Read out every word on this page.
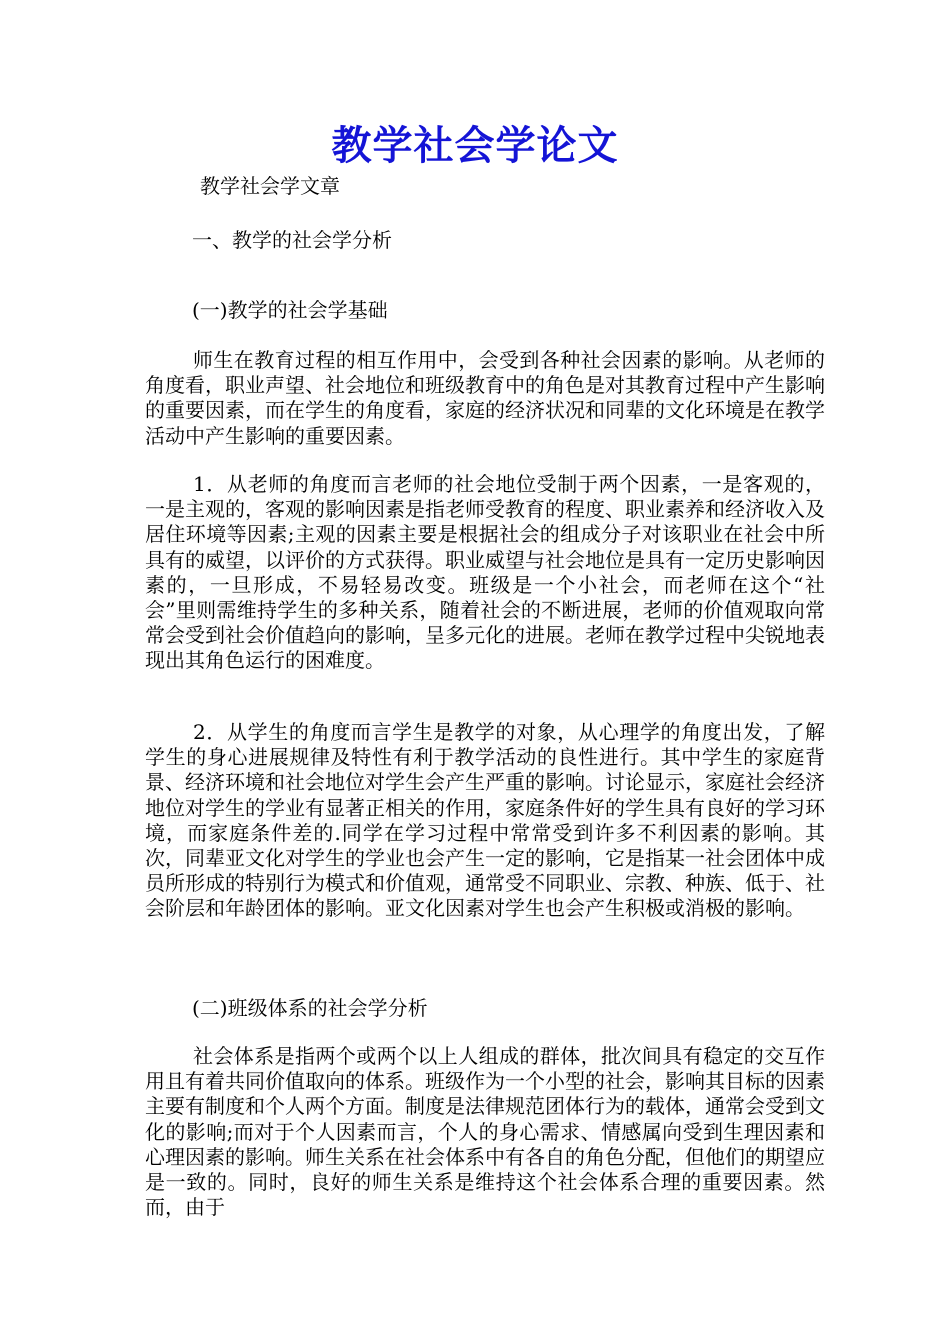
教学社会学论文
教学社会学文章
一、教学的社会学分析
(一)教学的社会学基础
师生在教育过程的相互作用中，会受到各种社会因素的影响。从老师的角度看，职业声望、社会地位和班级教育中的角色是对其教育过程中产生影响的重要因素，而在学生的角度看，家庭的经济状况和同辈的文化环境是在教学活动中产生影响的重要因素。
1．从老师的角度而言老师的社会地位受制于两个因素，一是客观的，一是主观的，客观的影响因素是指老师受教育的程度、职业素养和经济收入及居住环境等因素;主观的因素主要是根据社会的组成分子对该职业在社会中所具有的威望，以评价的方式获得。职业威望与社会地位是具有一定历史影响因素的，一旦形成，不易轻易改变。班级是一个小社会，而老师在这个“社会”里则需维持学生的多种关系，随着社会的不断进展，老师的价值观取向常常会受到社会价值趋向的影响，呈多元化的进展。老师在教学过程中尖锐地表现出其角色运行的困难度。
2．从学生的角度而言学生是教学的对象，从心理学的角度出发，了解学生的身心进展规律及特性有利于教学活动的良性进行。其中学生的家庭背景、经济环境和社会地位对学生会产生严重的影响。讨论显示，家庭社会经济地位对学生的学业有显著正相关的作用，家庭条件好的学生具有良好的学习环境，而家庭条件差的.同学在学习过程中常常受到许多不利因素的影响。其次，同辈亚文化对学生的学业也会产生一定的影响，它是指某一社会团体中成员所形成的特别行为模式和价值观，通常受不同职业、宗教、种族、低于、社会阶层和年龄团体的影响。亚文化因素对学生也会产生积极或消极的影响。
(二)班级体系的社会学分析
社会体系是指两个或两个以上人组成的群体，批次间具有稳定的交互作用且有着共同价值取向的体系。班级作为一个小型的社会，影响其目标的因素主要有制度和个人两个方面。制度是法律规范团体行为的载体，通常会受到文化的影响;而对于个人因素而言，个人的身心需求、情感属向受到生理因素和心理因素的影响。师生关系在社会体系中有各自的角色分配，但他们的期望应是一致的。同时，良好的师生关系是维持这个社会体系合理的重要因素。然而，由于
